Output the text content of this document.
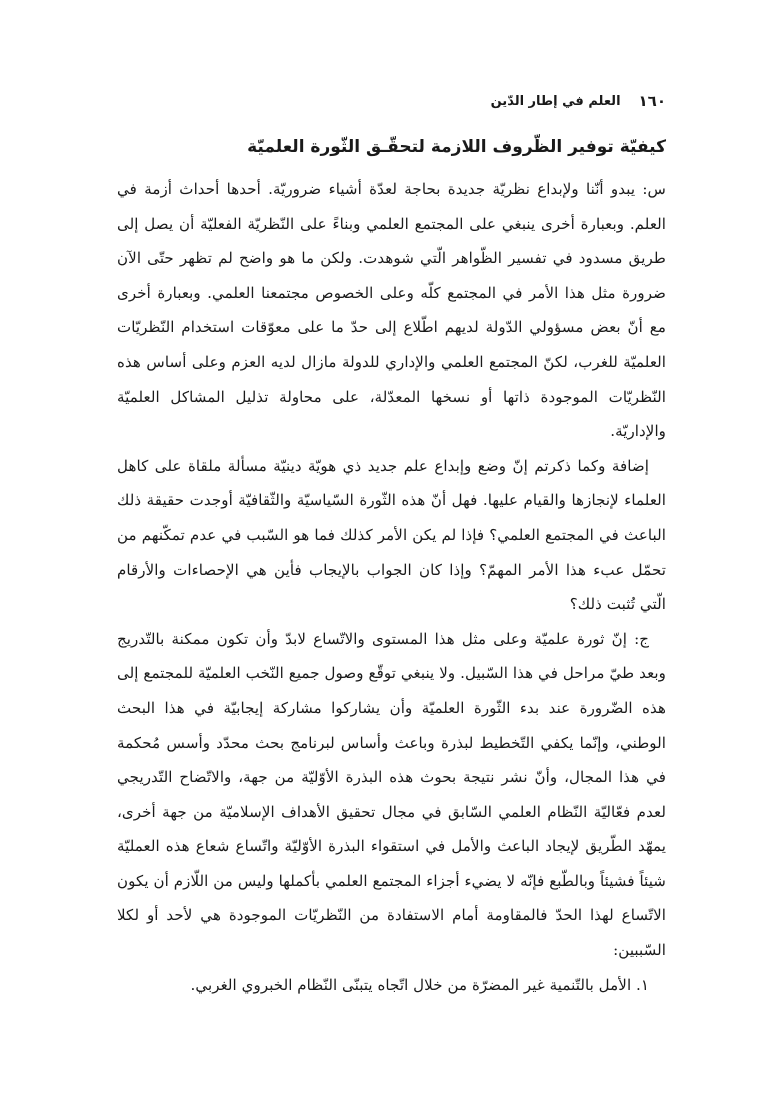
١٦٠
العلم في إطار الدّين
كيفيّة توفير الظّروف اللازمة لتحقّـق الثّورة العلميّة

س: يبدو أنّنا ولإبداع نظريّة جديدة بحاجة لعدّة أشياء ضروريّة. أحدها أحداث أزمة في العلم. وبعبارة أخرى ينبغي على المجتمع العلمي وبناءً على النّظريّة الفعليّة أن يصل إلى طريق مسدود في تفسير الظّواهر الّتي شوهدت. ولكن ما هو واضح لم تظهر حتّى الآن ضرورة مثل هذا الأمر في المجتمع كلّه وعلى الخصوص مجتمعنا العلمي. وبعبارة أخرى مع أنّ بعض مسؤولي الدّولة لديهم اطّلاع إلى حدّ ما على معوّقات استخدام النّظريّات العلميّة للغرب، لكنّ المجتمع العلمي والإداري للدولة مازال لديه العزم وعلى أساس هذه النّظريّات الموجودة ذاتها أو نسخها المعدّلة، على محاولة تذليل المشاكل العلميّة والإداريّة.

إضافة وكما ذكرتم إنّ وضع وإبداع علم جديد ذي هويّة دينيّة مسألة ملقاة على كاهل العلماء لإنجازها والقيام عليها. فهل أنّ هذه الثّورة السّياسيّة والثّقافيّة أوجدت حقيقة ذلك الباعث في المجتمع العلمي؟ فإذا لم يكن الأمر كذلك فما هو السّبب في عدم تمكّنهم من تحمّل عبء هذا الأمر المهمّ؟ وإذا كان الجواب بالإيجاب فأين هي الإحصاءات والأرقام الّتي تُثبت ذلك؟

ج: إنّ ثورة علميّة وعلى مثل هذا المستوى والاتّساع لابدّ وأن تكون ممكنة بالتّدريج وبعد طيّ مراحل في هذا السّبيل. ولا ينبغي توقّع وصول جميع النّخب العلميّة للمجتمع إلى هذه الضّرورة عند بدء الثّورة العلميّة وأن يشاركوا مشاركة إيجابيّة في هذا البحث الوطني، وإنّما يكفي التّخطيط لبذرة وباعث وأساس لبرنامج بحث محدّد وأسس مُحكمة في هذا المجال، وأنّ نشر نتيجة بحوث هذه البذرة الأوّليّة من جهة، والاتّضاح التّدريجي لعدم فعّاليّة النّظام العلمي السّابق في مجال تحقيق الأهداف الإسلاميّة من جهة أخرى، يمهّد الطّريق لإيجاد الباعث والأمل في استقواء البذرة الأوّليّة واتّساع شعاع هذه العمليّة شيئاً فشيئاً وبالطّبع فإنّه لا يضيء أجزاء المجتمع العلمي بأكملها وليس من اللّازم أن يكون الاتّساع لهذا الحدّ فالمقاومة أمام الاستفادة من النّظريّات الموجودة هي لأحد أو لكلا السّببين:

١. الأمل بالتّنمية غير المضرّة من خلال اتّجاه يتبنّى النّظام الخبروي الغربي.
